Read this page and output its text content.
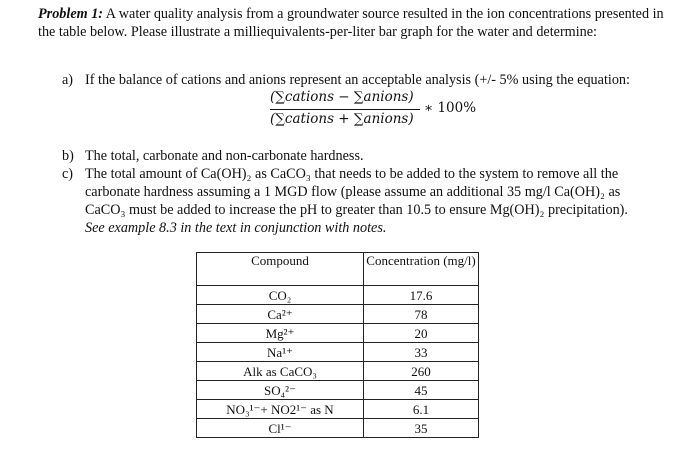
Problem 1: A water quality analysis from a groundwater source resulted in the ion concentrations presented in the table below. Please illustrate a milliequivalents-per-liter bar graph for the water and determine:
a) If the balance of cations and anions represent an acceptable analysis (+/- 5% using the equation:
(∑cations − ∑anions)
(∑cations + ∑anions)
∗ 100%
b) The total, carbonate and non-carbonate hardness.
c) The total amount of Ca(OH)₂ as CaCO₃ that needs to be added to the system to remove all the
carbonate hardness assuming a 1 MGD flow (please assume an additional 35 mg/l Ca(OH)₂ as
CaCO₃ must be added to increase the pH to greater than 10.5 to ensure Mg(OH)₂ precipitation).
See example 8.3 in the text in conjunction with notes.
Compound	Concentration (mg/l)
CO₂	17.6
Ca²⁺	78
Mg²⁺	20
Na¹⁺	33
Alk as CaCO₃	260
SO₄²⁻	45
NO₃¹⁻+ NO2¹⁻ as N	6.1
Cl¹⁻	35
